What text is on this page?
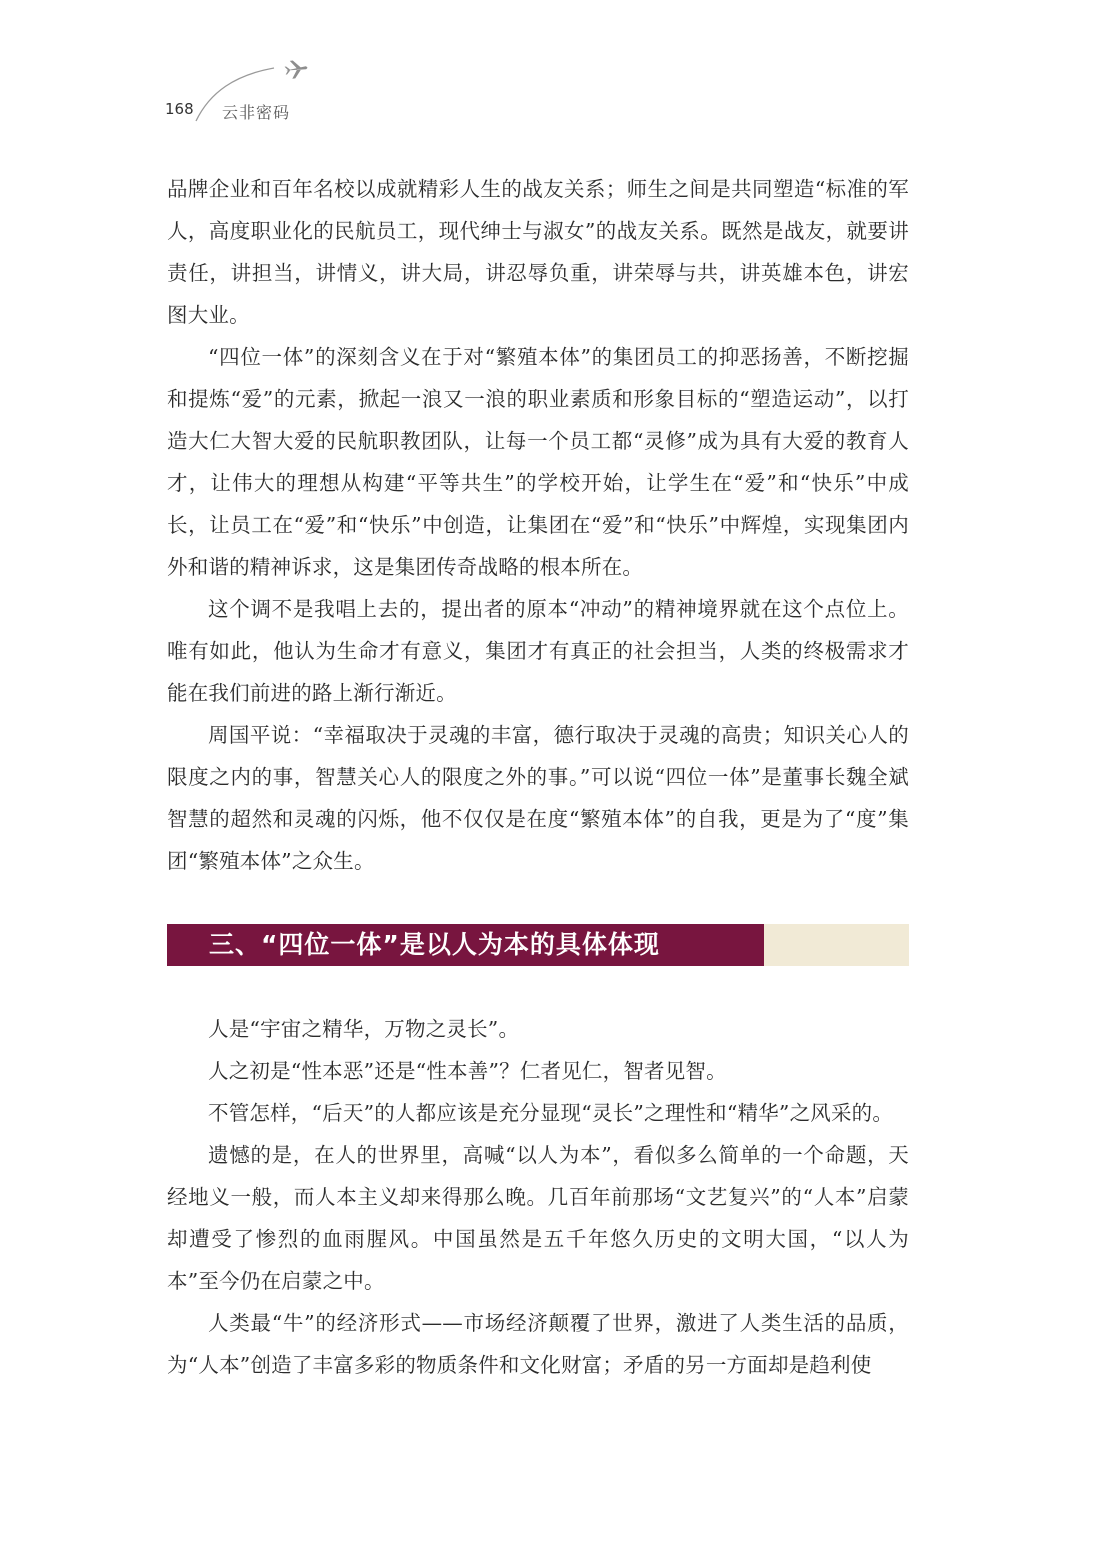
168 云非密码

品牌企业和百年名校以成就精彩人生的战友关系；师生之间是共同塑造“标准的军人，高度职业化的民航员工，现代绅士与淑女”的战友关系。既然是战友，就要讲责任，讲担当，讲情义，讲大局，讲忍辱负重，讲荣辱与共，讲英雄本色，讲宏图大业。

“四位一体”的深刻含义在于对“繁殖本体”的集团员工的抑恶扬善，不断挖掘和提炼“爱”的元素，掀起一浪又一浪的职业素质和形象目标的“塑造运动”，以打造大仁大智大爱的民航职教团队，让每一个员工都“灵修”成为具有大爱的教育人才，让伟大的理想从构建“平等共生”的学校开始，让学生在“爱”和“快乐”中成长，让员工在“爱”和“快乐”中创造，让集团在“爱”和“快乐”中辉煌，实现集团内外和谐的精神诉求，这是集团传奇战略的根本所在。

这个调不是我唱上去的，提出者的原本“冲动”的精神境界就在这个点位上。唯有如此，他认为生命才有意义，集团才有真正的社会担当，人类的终极需求才能在我们前进的路上渐行渐近。

周国平说：“幸福取决于灵魂的丰富，德行取决于灵魂的高贵；知识关心人的限度之内的事，智慧关心人的限度之外的事。”可以说“四位一体”是董事长魏全斌智慧的超然和灵魂的闪烁，他不仅仅是在度“繁殖本体”的自我，更是为了“度”集团“繁殖本体”之众生。

三、“四位一体”是以人为本的具体体现

人是“宇宙之精华，万物之灵长”。

人之初是“性本恶”还是“性本善”？仁者见仁，智者见智。

不管怎样，“后天”的人都应该是充分显现“灵长”之理性和“精华”之风采的。

遗憾的是，在人的世界里，高喊“以人为本”，看似多么简单的一个命题，天经地义一般，而人本主义却来得那么晚。几百年前那场“文艺复兴”的“人本”启蒙却遭受了惨烈的血雨腥风。中国虽然是五千年悠久历史的文明大国，“以人为本”至今仍在启蒙之中。

人类最“牛”的经济形式——市场经济颠覆了世界，激进了人类生活的品质，为“人本”创造了丰富多彩的物质条件和文化财富；矛盾的另一方面却是趋利使
